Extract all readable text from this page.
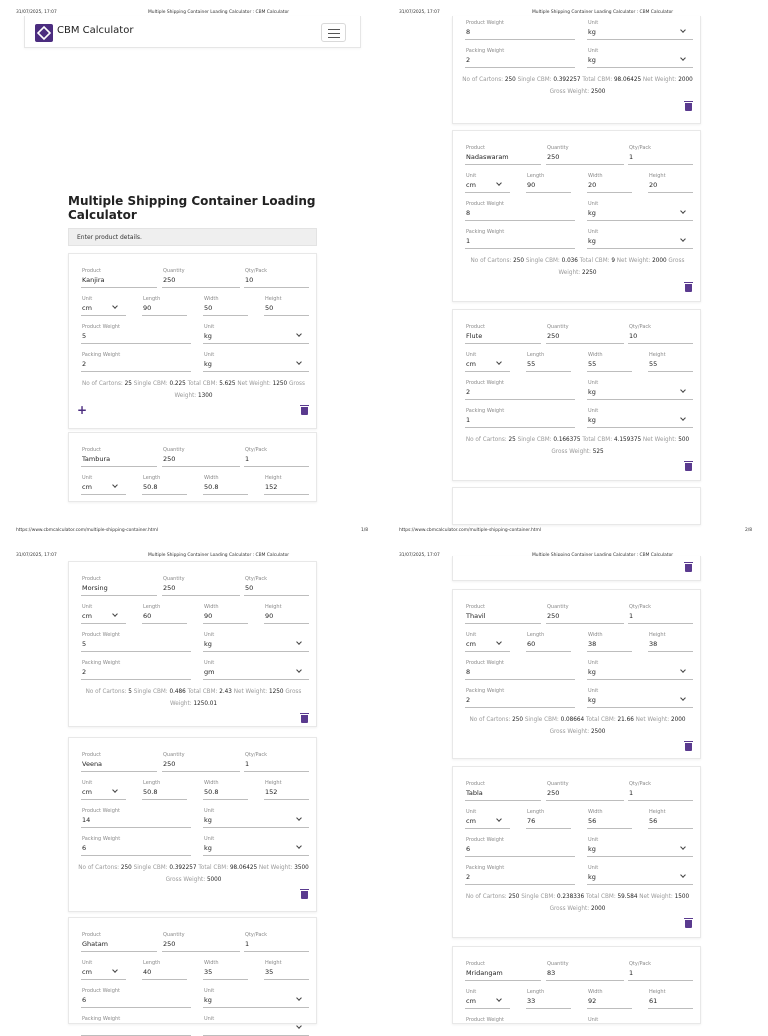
31/07/2025, 17:07	Multiple Shipping Container Loading Calculator : CBM Calculator	31/07/2025, 17:07	Multiple Shipping Container Loading Calculator : CBM Calculator
https://www.cbmcalculator.com/multiple-shipping-container.html	1/8	https://www.cbmcalculator.com/multiple-shipping-container.html	2/8
31/07/2025, 17:07	Multiple Shipping Container Loading Calculator : CBM Calculator	31/07/2025, 17:07
CBM Calculator
Multiple Shipping Container Loading Calculator
Enter product details.
Product
Kanjira
Quantity
250
Qty/Pack
10
Unit
cm
Length
90
Width
50
Height
50
Product Weight
5
Unit
kg
Packing Weight
2
Unit
kg
No of Cartons: 25 Single CBM: 0.225 Total CBM: 5.625 Net Weight: 1250 Gross Weight: 1300
+
Product
Tambura
Quantity
250
Qty/Pack
1
Unit
cm
Length
50.8
Width
50.8
Height
152
Product Weight
8
Unit
kg
Packing Weight
2
Unit
kg
No of Cartons: 250 Single CBM: 0.392257 Total CBM: 98.06425 Net Weight: 2000 Gross Weight: 2500
Product
Nadaswaram
Quantity
250
Qty/Pack
1
Unit
cm
Length
90
Width
20
Height
20
Product Weight
8
Unit
kg
Packing Weight
1
Unit
kg
No of Cartons: 250 Single CBM: 0.036 Total CBM: 9 Net Weight: 2000 Gross Weight: 2250
Product
Flute
Quantity
250
Qty/Pack
10
Unit
cm
Length
55
Width
55
Height
55
Product Weight
2
Unit
kg
Packing Weight
1
Unit
kg
No of Cartons: 25 Single CBM: 0.166375 Total CBM: 4.159375 Net Weight: 500 Gross Weight: 525
Product
Morsing
Quantity
250
Qty/Pack
50
Unit
cm
Length
60
Width
90
Height
90
Product Weight
5
Unit
kg
Packing Weight
2
Unit
gm
No of Cartons: 5 Single CBM: 0.486 Total CBM: 2.43 Net Weight: 1250 Gross Weight: 1250.01
Product
Veena
Quantity
250
Qty/Pack
1
Unit
cm
Length
50.8
Width
50.8
Height
152
Product Weight
14
Unit
kg
Packing Weight
6
Unit
kg
No of Cartons: 250 Single CBM: 0.392257 Total CBM: 98.06425 Net Weight: 3500 Gross Weight: 5000
Product
Ghatam
Quantity
250
Qty/Pack
1
Unit
cm
Length
40
Width
35
Height
35
Product Weight
6
Unit
kg
Packing Weight	Unit
Product
Thavil
Quantity
250
Qty/Pack
1
Unit
cm
Length
60
Width
38
Height
38
Product Weight
8
Unit
kg
Packing Weight
2
Unit
kg
No of Cartons: 250 Single CBM: 0.08664 Total CBM: 21.66 Net Weight: 2000 Gross Weight: 2500
Product
Tabla
Quantity
250
Qty/Pack
1
Unit
cm
Length
76
Width
56
Height
56
Product Weight
6
Unit
kg
Packing Weight
2
Unit
kg
No of Cartons: 250 Single CBM: 0.238336 Total CBM: 59.584 Net Weight: 1500 Gross Weight: 2000
Product
Mridangam
Quantity
83
Qty/Pack
1
Unit
cm
Length
33
Width
92
Height
61
Product Weight	Unit
